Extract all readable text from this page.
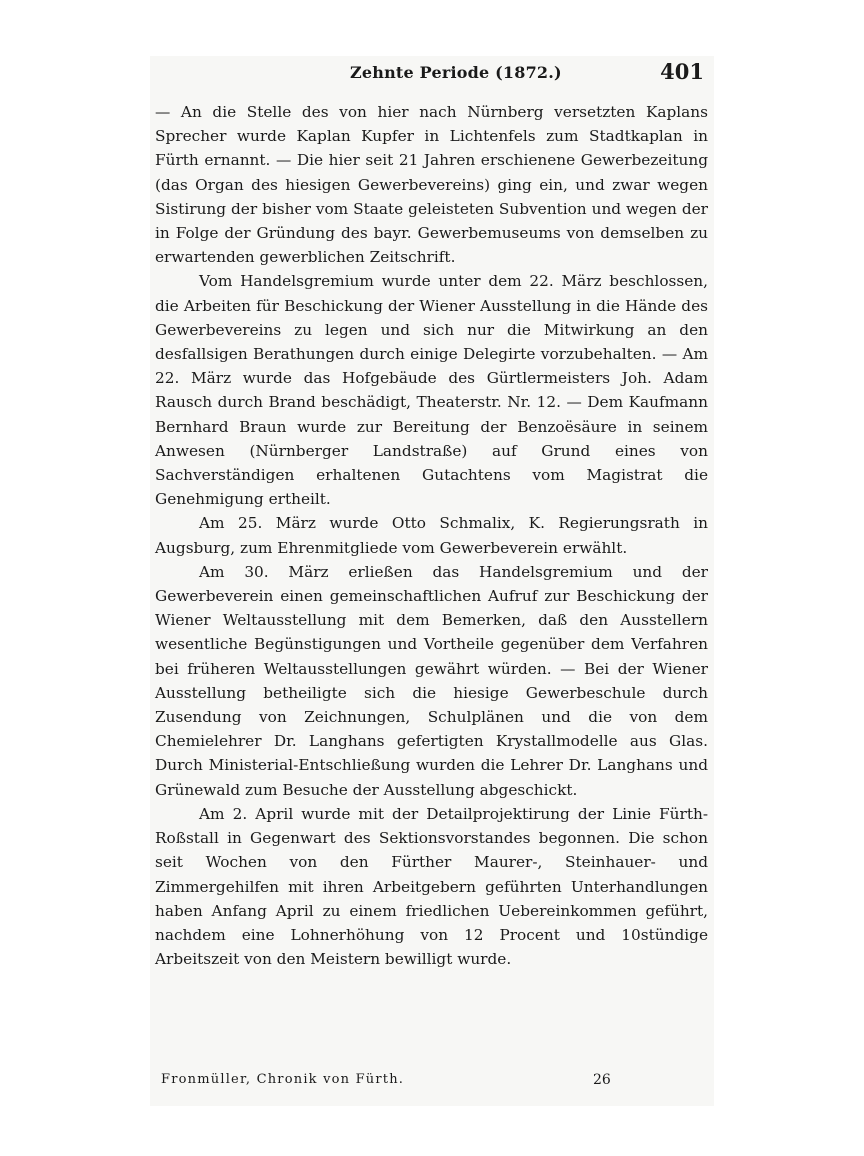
Zehnte Periode (1872.)	401

— An die Stelle des von hier nach Nürnberg versetzten Kaplans Sprecher wurde Kaplan Kupfer in Lichtenfels zum Stadtkaplan in Fürth ernannt. — Die hier seit 21 Jahren erschienene Gewerbezeitung (das Organ des hiesigen Gewerbevereins) ging ein, und zwar wegen Sistirung der bisher vom Staate geleisteten Subvention und wegen der in Folge der Gründung des bayr. Gewerbemuseums von demselben zu erwartenden gewerblichen Zeitschrift.

Vom Handelsgremium wurde unter dem 22. März beschlossen, die Arbeiten für Beschickung der Wiener Ausstellung in die Hände des Gewerbevereins zu legen und sich nur die Mitwirkung an den desfallsigen Berathungen durch einige Delegirte vorzubehalten. — Am 22. März wurde das Hofgebäude des Gürtlermeisters Joh. Adam Rausch durch Brand beschädigt, Theaterstr. Nr. 12. — Dem Kaufmann Bernhard Braun wurde zur Bereitung der Benzoësäure in seinem Anwesen (Nürnberger Landstraße) auf Grund eines von Sachverständigen erhaltenen Gutachtens vom Magistrat die Genehmigung ertheilt.

Am 25. März wurde Otto Schmalix, K. Regierungsrath in Augsburg, zum Ehrenmitgliede vom Gewerbeverein erwählt.

Am 30. März erließen das Handelsgremium und der Gewerbeverein einen gemeinschaftlichen Aufruf zur Beschickung der Wiener Weltausstellung mit dem Bemerken, daß den Ausstellern wesentliche Begünstigungen und Vortheile gegenüber dem Verfahren bei früheren Weltausstellungen gewährt würden. — Bei der Wiener Ausstellung betheiligte sich die hiesige Gewerbeschule durch Zusendung von Zeichnungen, Schulplänen und die von dem Chemielehrer Dr. Langhans gefertigten Krystallmodelle aus Glas. Durch Ministerial-Entschließung wurden die Lehrer Dr. Langhans und Grünewald zum Besuche der Ausstellung abgeschickt.

Am 2. April wurde mit der Detailprojektirung der Linie Fürth-Roßstall in Gegenwart des Sektionsvorstandes begonnen. Die schon seit Wochen von den Fürther Maurer-, Steinhauer- und Zimmergehilfen mit ihren Arbeitgebern geführten Unterhandlungen haben Anfang April zu einem friedlichen Uebereinkommen geführt, nachdem eine Lohnerhöhung von 12 Procent und 10stündige Arbeitszeit von den Meistern bewilligt wurde.

Fronmüller, Chronik von Fürth.	26
